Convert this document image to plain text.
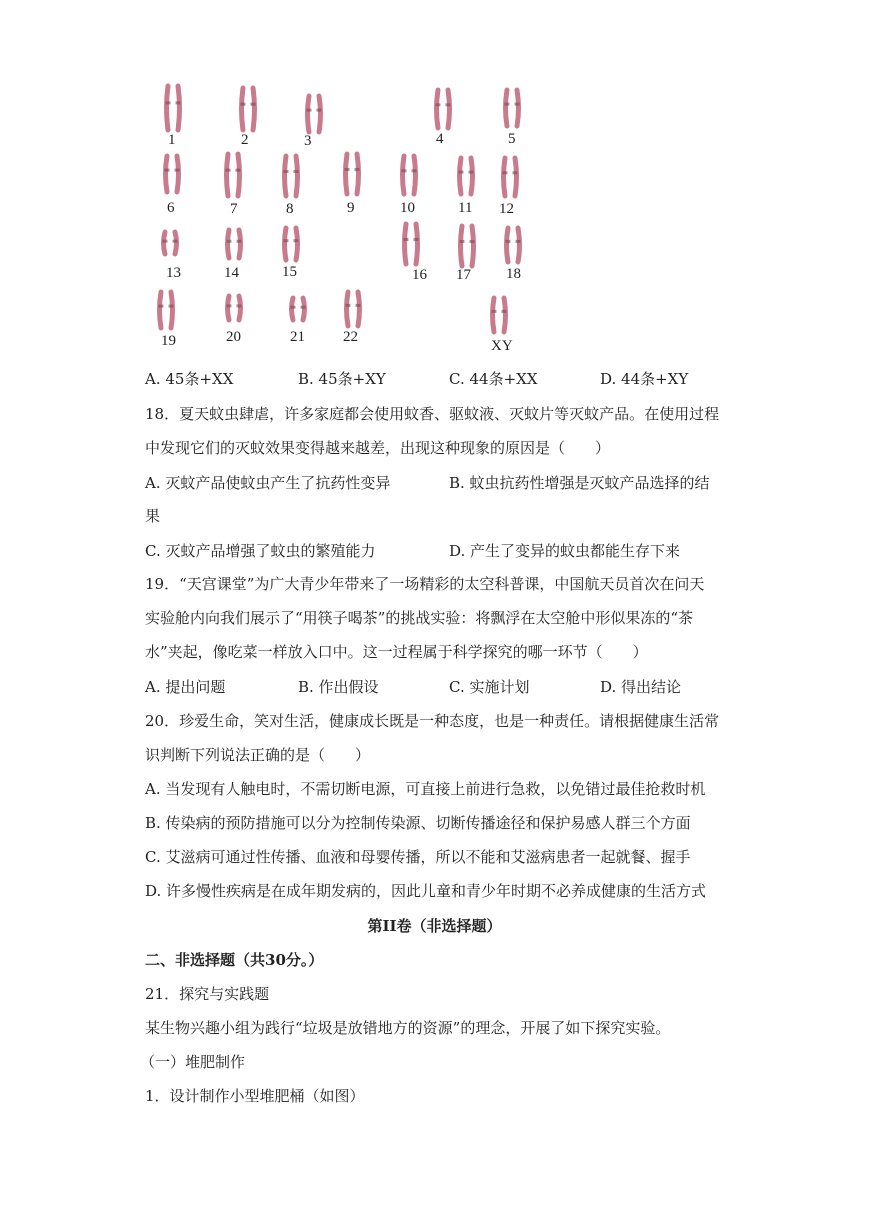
1	2	3	4	5
6	7	8	9	10	11 12
13	14	15	16 17 18
19	20	21	22
XY
A. 45条+XX	B. 45条+XY	C. 44条+XX	D. 44条+XY
18．夏天蚊虫肆虐，许多家庭都会使用蚊香、驱蚊液、灭蚊片等灭蚊产品。在使用过程
中发现它们的灭蚊效果变得越来越差，出现这种现象的原因是（　　）
A. 灭蚊产品使蚊虫产生了抗药性变异	B. 蚊虫抗药性增强是灭蚊产品选择的结
果
C. 灭蚊产品增强了蚊虫的繁殖能力	D. 产生了变异的蚊虫都能生存下来
19．“天宫课堂”为广大青少年带来了一场精彩的太空科普课，中国航天员首次在问天
实验舱内向我们展示了“用筷子喝茶”的挑战实验：将飘浮在太空舱中形似果冻的“茶
水”夹起，像吃菜一样放入口中。这一过程属于科学探究的哪一环节（　　）
A. 提出问题	B. 作出假设	C. 实施计划	D. 得出结论
20．珍爱生命，笑对生活，健康成长既是一种态度，也是一种责任。请根据健康生活常
识判断下列说法正确的是（　　）
A. 当发现有人触电时，不需切断电源，可直接上前进行急救，以免错过最佳抢救时机
B. 传染病的预防措施可以分为控制传染源、切断传播途径和保护易感人群三个方面
C. 艾滋病可通过性传播、血液和母婴传播，所以不能和艾滋病患者一起就餐、握手
D. 许多慢性疾病是在成年期发病的，因此儿童和青少年时期不必养成健康的生活方式
第II卷（非选择题）
二、非选择题（共30分。）
21．探究与实践题
某生物兴趣小组为践行“垃圾是放错地方的资源”的理念，开展了如下探究实验。
（一）堆肥制作
1．设计制作小型堆肥桶（如图）
